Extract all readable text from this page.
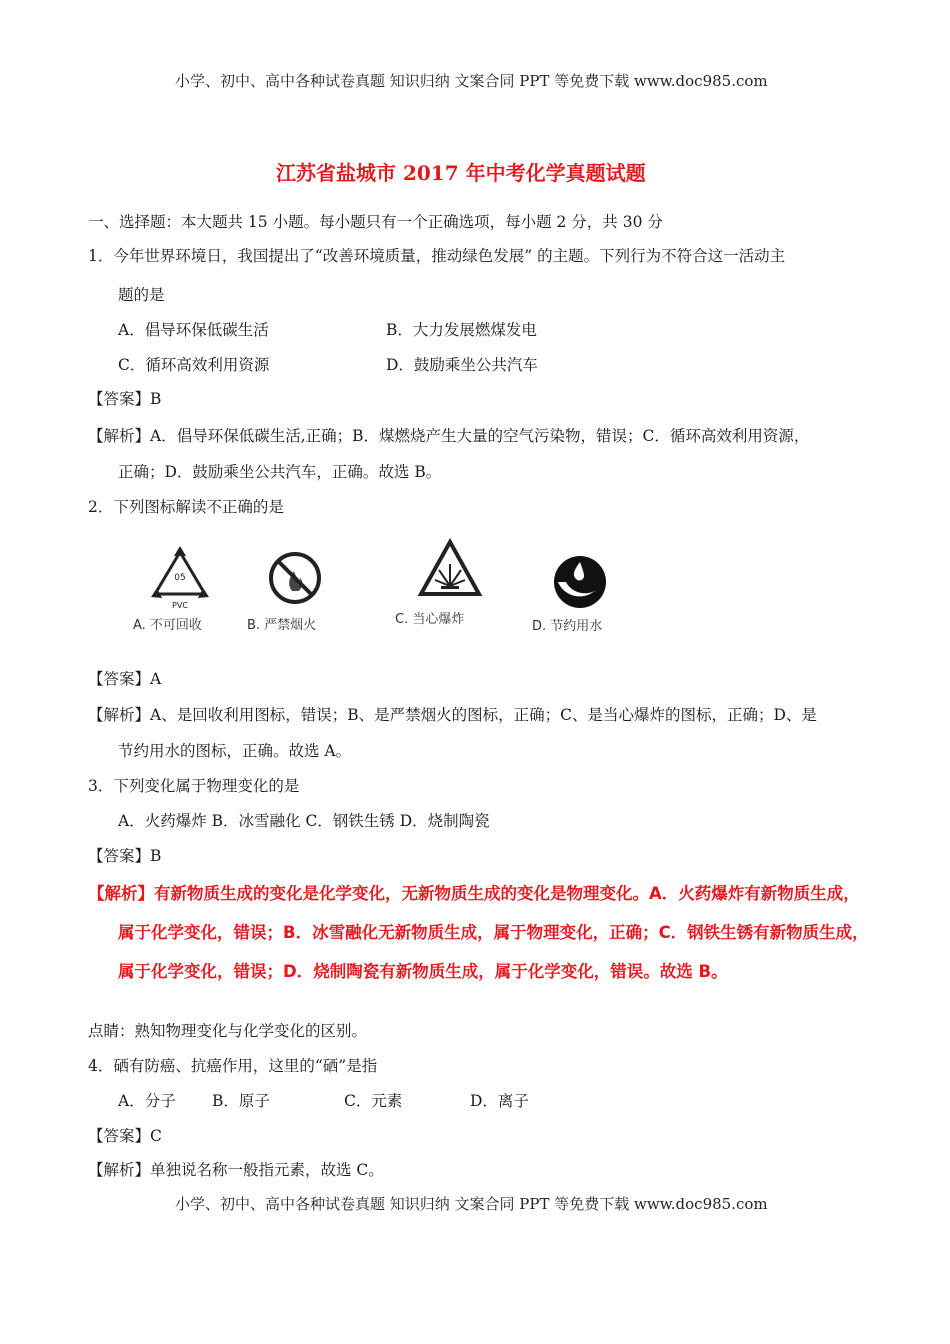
小学、初中、高中各种试卷真题 知识归纳 文案合同 PPT 等免费下载 www.doc985.com
江苏省盐城市 2017 年中考化学真题试题
一、选择题：本大题共 15 小题。每小题只有一个正确选项，每小题 2 分，共 30 分
1．今年世界环境日，我国提出了“改善环境质量，推动绿色发展” 的主题。下列行为不符合这一活动主
题的是
A．倡导环保低碳生活	B．大力发展燃煤发电
C．循环高效利用资源	D．鼓励乘坐公共汽车
【答案】B
【解析】A．倡导环保低碳生活,正确；B．煤燃烧产生大量的空气污染物，错误；C．循环高效利用资源，
正确；D．鼓励乘坐公共汽车，正确。故选 B。
2．下列图标解读不正确的是
05
PVC
A. 不可回收	B. 严禁烟火	C. 当心爆炸	D. 节约用水
【答案】A
【解析】A、是回收利用图标，错误；B、是严禁烟火的图标，正确；C、是当心爆炸的图标，正确；D、是
节约用水的图标，正确。故选 A。
3．下列变化属于物理变化的是
A．火药爆炸 B．冰雪融化 C．钢铁生锈 D．烧制陶瓷
【答案】B
【解析】有新物质生成的变化是化学变化，无新物质生成的变化是物理变化。A．火药爆炸有新物质生成，
属于化学变化，错误；B．冰雪融化无新物质生成，属于物理变化，正确；C．钢铁生锈有新物质生成，
属于化学变化，错误；D．烧制陶瓷有新物质生成，属于化学变化，错误。故选 B。
点睛：熟知物理变化与化学变化的区别。
4．硒有防癌、抗癌作用，这里的“硒”是指
A．分子 B．原子	C．元素	D．离子
【答案】C
【解析】单独说名称一般指元素，故选 C。
小学、初中、高中各种试卷真题 知识归纳 文案合同 PPT 等免费下载 www.doc985.com
